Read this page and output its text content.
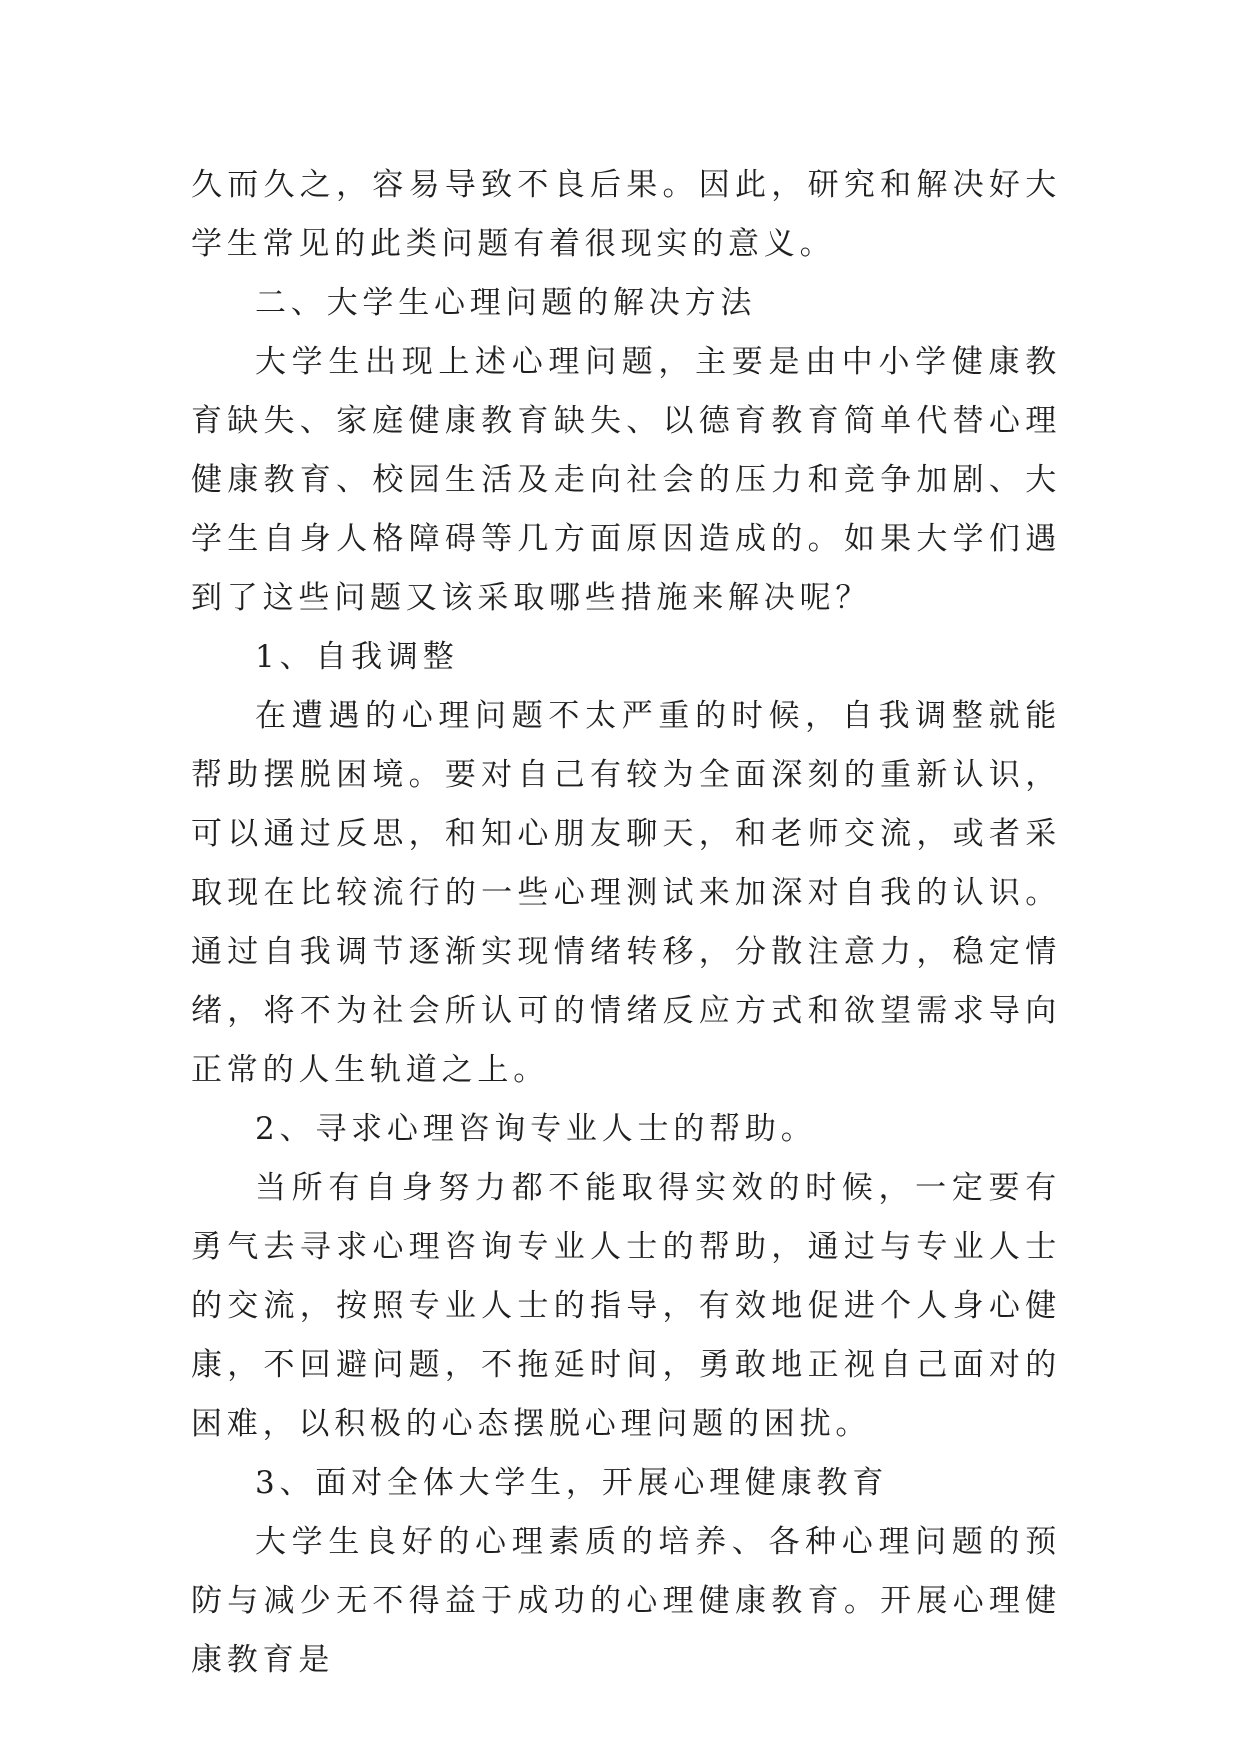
久而久之，容易导致不良后果。因此，研究和解决好大学生常见的此类问题有着很现实的意义。

二、大学生心理问题的解决方法

大学生出现上述心理问题，主要是由中小学健康教育缺失、家庭健康教育缺失、以德育教育简单代替心理健康教育、校园生活及走向社会的压力和竞争加剧、大学生自身人格障碍等几方面原因造成的。如果大学们遇到了这些问题又该采取哪些措施来解决呢？

1、自我调整

在遭遇的心理问题不太严重的时候，自我调整就能帮助摆脱困境。要对自己有较为全面深刻的重新认识，可以通过反思，和知心朋友聊天，和老师交流，或者采取现在比较流行的一些心理测试来加深对自我的认识。通过自我调节逐渐实现情绪转移，分散注意力，稳定情绪，将不为社会所认可的情绪反应方式和欲望需求导向正常的人生轨道之上。

2、寻求心理咨询专业人士的帮助。

当所有自身努力都不能取得实效的时候，一定要有勇气去寻求心理咨询专业人士的帮助，通过与专业人士的交流，按照专业人士的指导，有效地促进个人身心健康，不回避问题，不拖延时间，勇敢地正视自己面对的困难，以积极的心态摆脱心理问题的困扰。

3、面对全体大学生，开展心理健康教育

大学生良好的心理素质的培养、各种心理问题的预防与减少无不得益于成功的心理健康教育。开展心理健康教育是
